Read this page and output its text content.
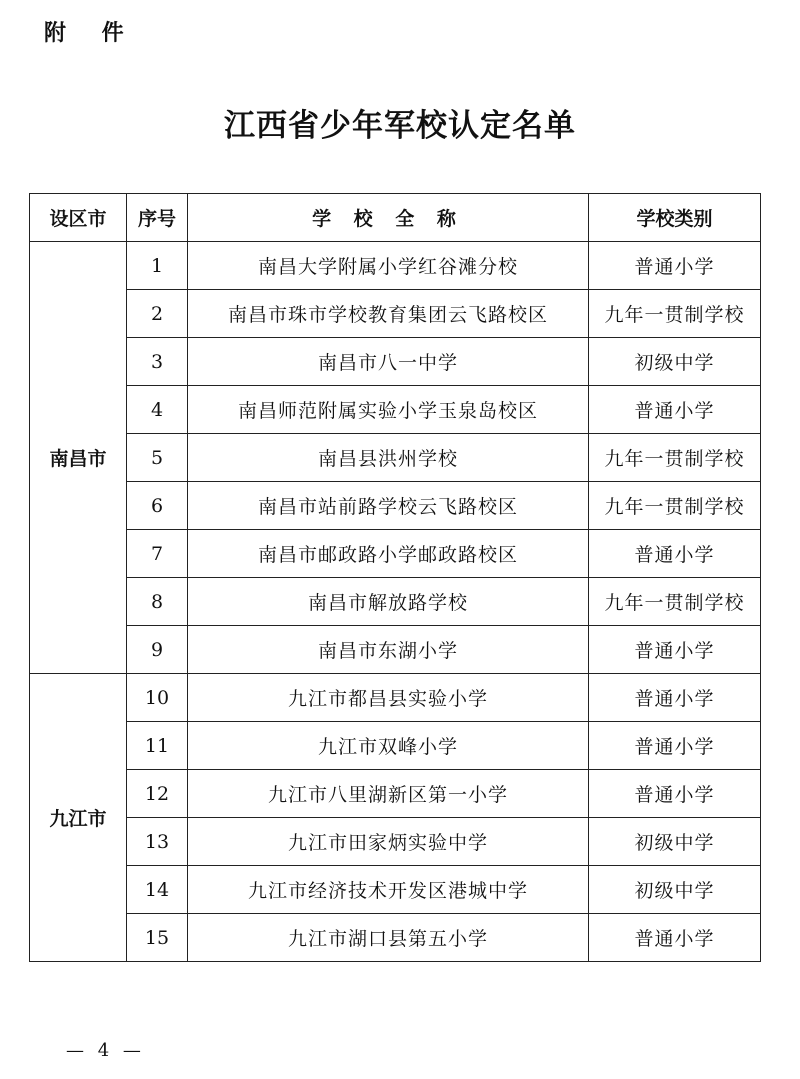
附 件
江西省少年军校认定名单
设区市	序号	学 校 全 称	学校类别
南昌市	1	南昌大学附属小学红谷滩分校	普通小学
	2	南昌市珠市学校教育集团云飞路校区	九年一贯制学校
	3	南昌市八一中学	初级中学
	4	南昌师范附属实验小学玉泉岛校区	普通小学
	5	南昌县洪州学校	九年一贯制学校
	6	南昌市站前路学校云飞路校区	九年一贯制学校
	7	南昌市邮政路小学邮政路校区	普通小学
	8	南昌市解放路学校	九年一贯制学校
	9	南昌市东湖小学	普通小学
九江市	10	九江市都昌县实验小学	普通小学
	11	九江市双峰小学	普通小学
	12	九江市八里湖新区第一小学	普通小学
	13	九江市田家炳实验中学	初级中学
	14	九江市经济技术开发区港城中学	初级中学
	15	九江市湖口县第五小学	普通小学
— 4 —
